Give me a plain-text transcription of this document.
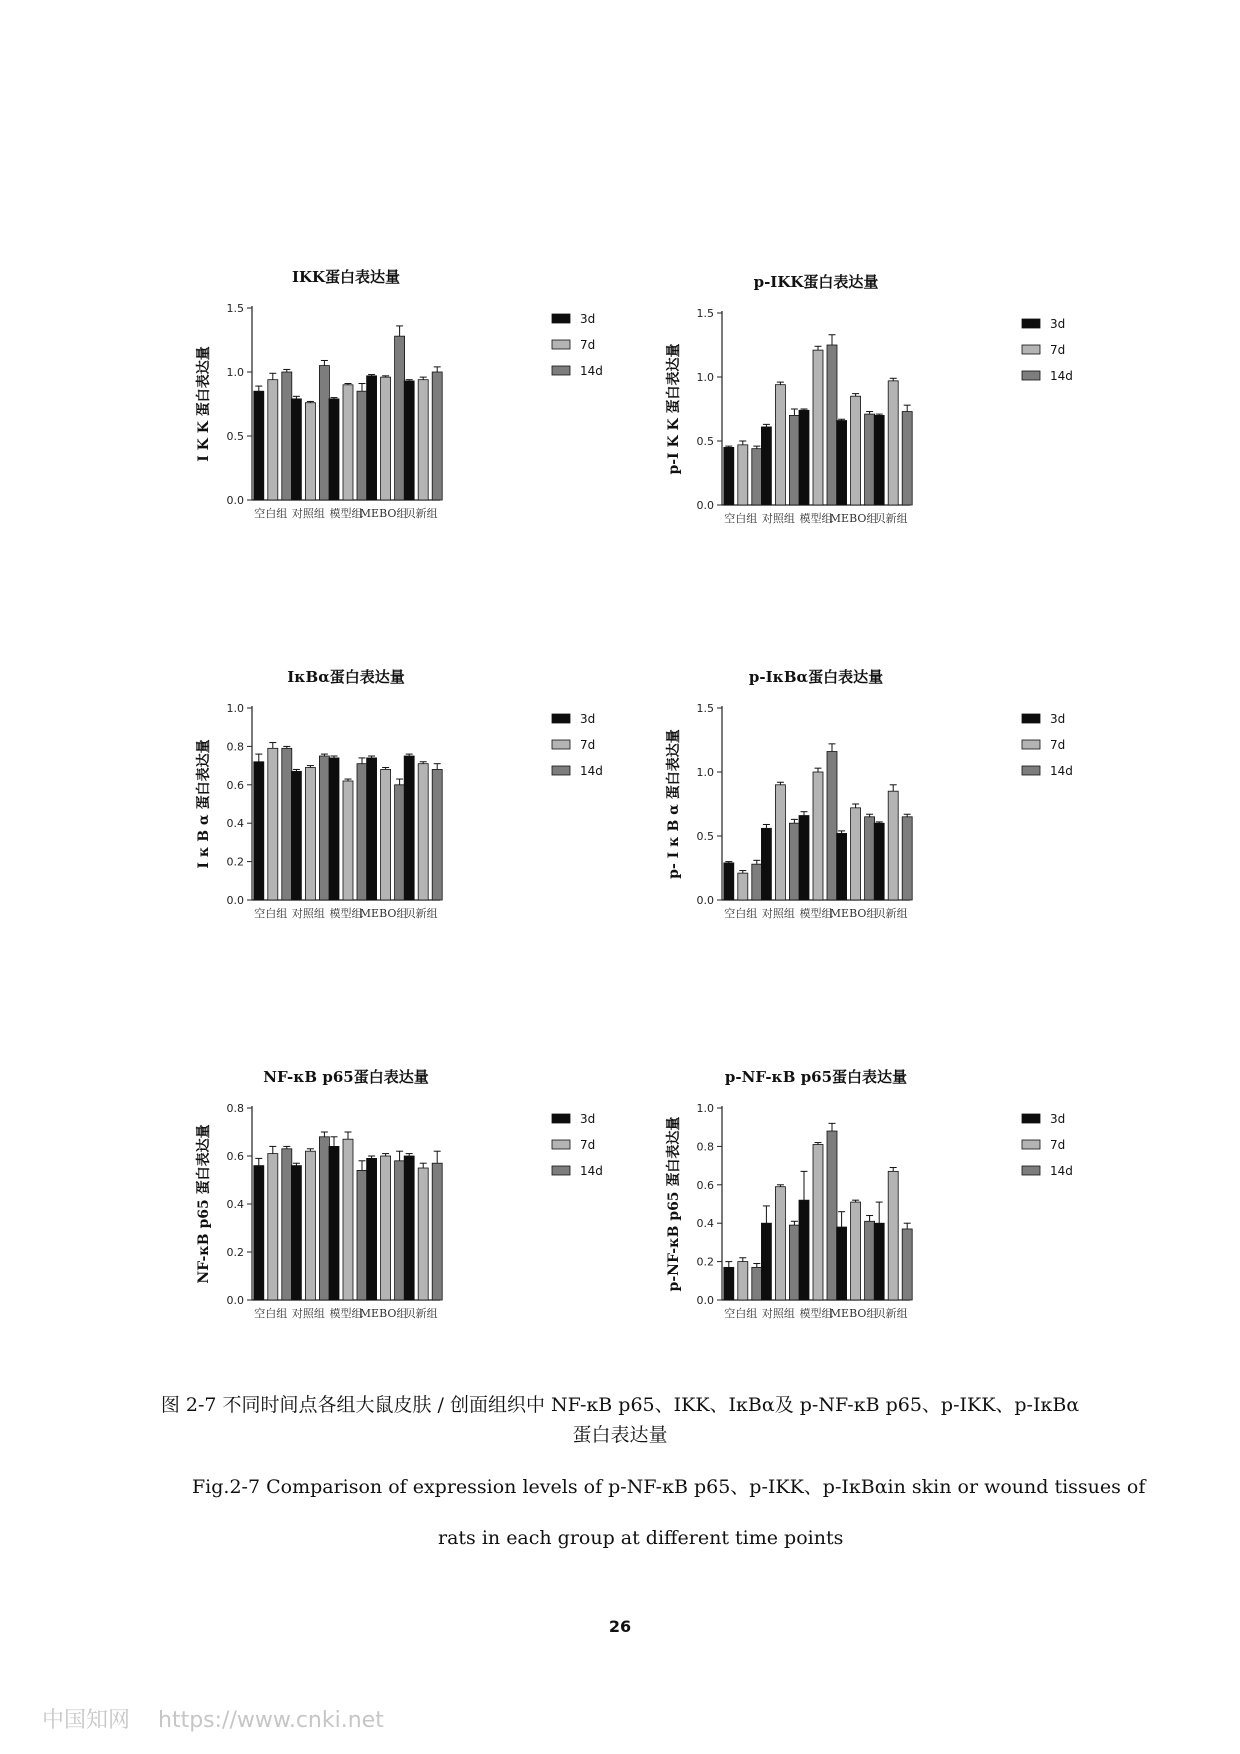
IKK蛋白表达量
I K K 蛋白表达量
0.0
0.5
1.0
1.5
空白组 对照组 模型组
MEBO组
贝新组
3d
7d
14d
p-IKK蛋白表达量
p-I K K 蛋白表达量
0.0
0.5
1.0
1.5
空白组 对照组 模型组
MEBO组
贝新组
3d
7d
14d
IκBα蛋白表达量
I κ B α 蛋白表达量
0.0
0.2
0.4
0.6
0.8
1.0
空白组 对照组 模型组
MEBO组
贝新组
3d
7d
14d
p-IκBα蛋白表达量
p- I κ B α 蛋白表达量
0.0
0.5
1.0
1.5
空白组 对照组 模型组
MEBO组
贝新组
3d
7d
14d
NF-κB p65蛋白表达量
NF-κB p65 蛋白表达量
0.0
0.2
0.4
0.6
0.8
空白组 对照组 模型组
MEBO组
贝新组
3d
7d
14d
p-NF-κB p65蛋白表达量
p-NF-κB p65 蛋白表达量
0.0
0.2
0.4
0.6
0.8
1.0
空白组 对照组 模型组
MEBO组
贝新组
3d
7d
14d
图 2-7 不同时间点各组大鼠皮肤 / 创面组织中 NF-κB p65、IKK、IκBα及 p-NF-κB p65、p-IKK、p-IκBα
蛋白表达量
Fig.2-7 Comparison of expression levels of p-NF-κB p65、p-IKK、p-IκBαin skin or wound tissues of
rats in each group at different time points
26
中国知网 https://www.cnki.net
